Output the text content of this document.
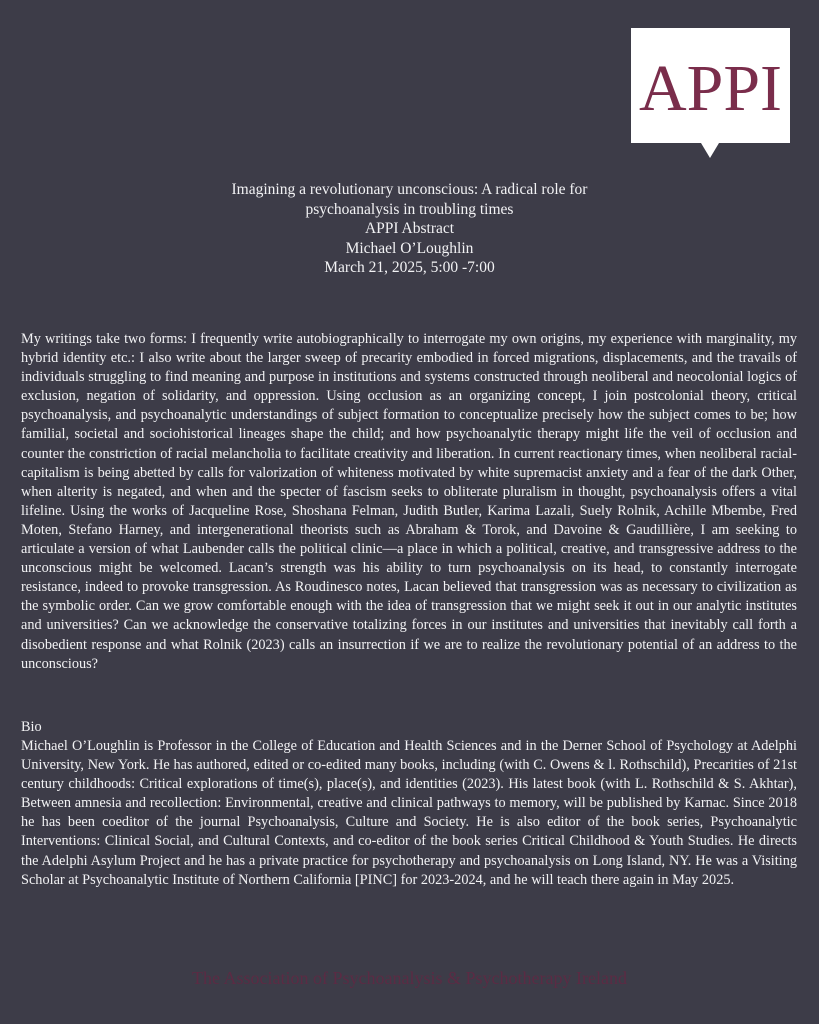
APPI
Imagining a revolutionary unconscious: A radical role for
psychoanalysis in troubling times
APPI Abstract
Michael O’Loughlin
March 21, 2025, 5:00 -7:00

My writings take two forms: I frequently write autobiographically to interrogate my own origins, my experience with marginality, my hybrid identity etc.: I also write about the larger sweep of precarity embodied in forced migrations, displacements, and the travails of individuals struggling to find meaning and purpose in institutions and systems constructed through neoliberal and neocolonial logics of exclusion, negation of solidarity, and oppression. Using occlusion as an organizing concept, I join postcolonial theory, critical psychoanalysis, and psychoanalytic understandings of subject formation to conceptualize precisely how the subject comes to be; how familial, societal and sociohistorical lineages shape the child; and how psychoanalytic therapy might life the veil of occlusion and counter the constriction of racial melancholia to facilitate creativity and liberation. In current reactionary times, when neoliberal racial-capitalism is being abetted by calls for valorization of whiteness motivated by white supremacist anxiety and a fear of the dark Other, when alterity is negated, and when and the specter of fascism seeks to obliterate pluralism in thought, psychoanalysis offers a vital lifeline. Using the works of Jacqueline Rose, Shoshana Felman, Judith Butler, Karima Lazali, Suely Rolnik, Achille Mbembe, Fred Moten, Stefano Harney, and intergenerational theorists such as Abraham & Torok, and Davoine & Gaudillière, I am seeking to articulate a version of what Laubender calls the political clinic—a place in which a political, creative, and transgressive address to the unconscious might be welcomed. Lacan’s strength was his ability to turn psychoanalysis on its head, to constantly interrogate resistance, indeed to provoke transgression. As Roudinesco notes, Lacan believed that transgression was as necessary to civilization as the symbolic order. Can we grow comfortable enough with the idea of transgression that we might seek it out in our analytic institutes and universities? Can we acknowledge the conservative totalizing forces in our institutes and universities that inevitably call forth a disobedient response and what Rolnik (2023) calls an insurrection if we are to realize the revolutionary potential of an address to the unconscious?

Bio

Michael O’Loughlin is Professor in the College of Education and Health Sciences and in the Derner School of Psychology at Adelphi University, New York. He has authored, edited or co-edited many books, including (with C. Owens & l. Rothschild), Precarities of 21st century childhoods: Critical explorations of time(s), place(s), and identities (2023). His latest book (with L. Rothschild & S. Akhtar), Between amnesia and recollection: Environmental, creative and clinical pathways to memory, will be published by Karnac. Since 2018 he has been coeditor of the journal Psychoanalysis, Culture and Society. He is also editor of the book series, Psychoanalytic Interventions: Clinical Social, and Cultural Contexts, and co-editor of the book series Critical Childhood & Youth Studies. He directs the Adelphi Asylum Project and he has a private practice for psychotherapy and psychoanalysis on Long Island, NY. He was a Visiting Scholar at Psychoanalytic Institute of Northern California [PINC] for 2023-2024, and he will teach there again in May 2025.

The Association of Psychoanalysis & Psychotherapy Ireland
